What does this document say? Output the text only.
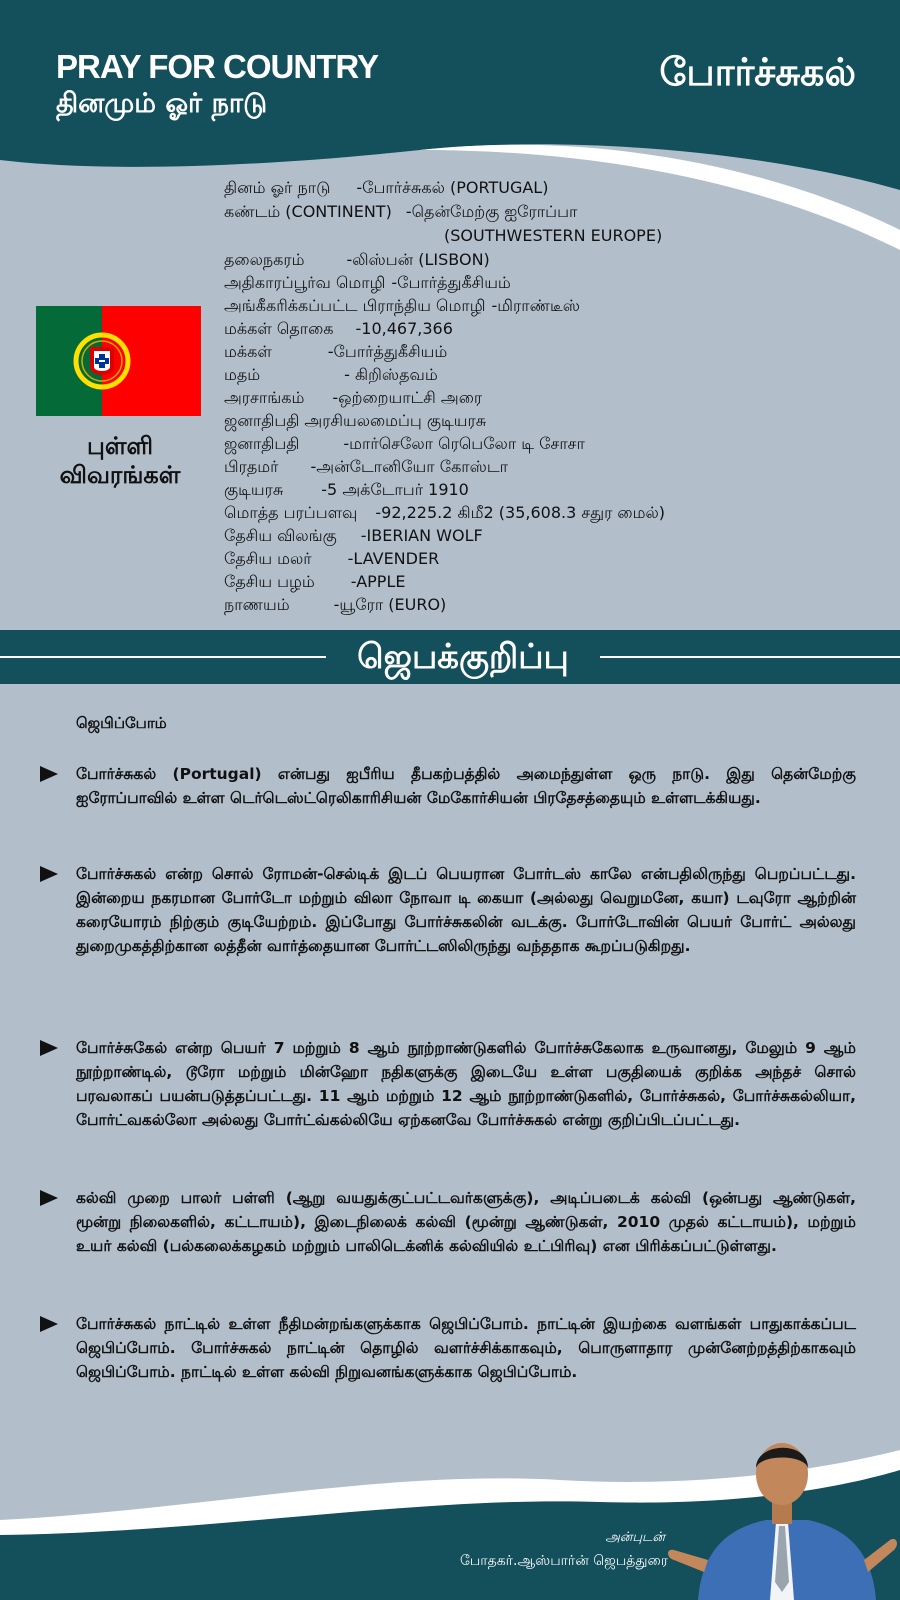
PRAY FOR COUNTRY
தினமும் ஓர் நாடு
போர்ச்சுகல்
புள்ளி
விவரங்கள்
தினம் ஓர் நாடு -போர்ச்சுகல் (PORTUGAL)
கண்டம் (CONTINENT) -தென்மேற்கு ஐரோப்பா
(SOUTHWESTERN EUROPE)
தலைநகரம்	-லிஸ்பன் (LISBON)
அதிகாரப்பூர்வ மொழி -போர்த்துகீசியம்
அங்கீகரிக்கப்பட்ட பிராந்திய மொழி -மிராண்டீஸ்
மக்கள் தொகை -10,467,366
மக்கள்	-போர்த்துகீசியம்
மதம்	- கிறிஸ்தவம்
அரசாங்கம் -ஒற்றையாட்சி அரை
ஜனாதிபதி அரசியலமைப்பு குடியரசு
ஜனாதிபதி	-மார்செலோ ரெபெலோ டி சோசா
பிரதமர் -அன்டோனியோ கோஸ்டா
குடியரசு -5 அக்டோபர் 1910
மொத்த பரப்பளவு -92,225.2 கிமீ2 (35,608.3 சதுர மைல்)
தேசிய விலங்கு -IBERIAN WOLF
தேசிய மலர் -LAVENDER
தேசிய பழம் -APPLE
நாணயம்	-யூரோ (EURO)
ஜெபக்குறிப்பு
ஜெபிப்போம்
போர்ச்சுகல் (Portugal) என்பது ஐபீரிய தீபகற்பத்தில் அமைந்துள்ள ஒரு நாடு. இது தென்மேற்கு ஐரோப்பாவில் உள்ள டெர்டெஸ்ட்ரெலிகாரிசியன் மேகோர்சியன் பிரதேசத்தையும் உள்ளடக்கியது.
போர்ச்சுகல் என்ற சொல் ரோமன்-செல்டிக் இடப் பெயரான போர்டஸ் காலே என்பதிலிருந்து பெறப்பட்டது. இன்றைய நகரமான போர்டோ மற்றும் விலா நோவா டி கையா (அல்லது வெறுமனே, கயா) டவுரோ ஆற்றின் கரையோரம் நிற்கும் குடியேற்றம். இப்போது போர்ச்சுகலின் வடக்கு. போர்டோவின் பெயர் போர்ட் அல்லது துறைமுகத்திற்கான லத்தீன் வார்த்தையான போர்ட்டஸிலிருந்து வந்ததாக கூறப்படுகிறது.
போர்ச்சுகேல் என்ற பெயர் 7 மற்றும் 8 ஆம் நூற்றாண்டுகளில் போர்ச்சுகேலாக உருவானது, மேலும் 9 ஆம் நூற்றாண்டில், டூரோ மற்றும் மின்ஹோ நதிகளுக்கு இடையே உள்ள பகுதியைக் குறிக்க அந்தச் சொல் பரவலாகப் பயன்படுத்தப்பட்டது. 11 ஆம் மற்றும் 12 ஆம் நூற்றாண்டுகளில், போர்ச்சுகல், போர்ச்சுகல்லியா, போர்ட்வகல்லோ அல்லது போர்ட்வ்கல்லியே ஏற்கனவே போர்ச்சுகல் என்று குறிப்பிடப்பட்டது.
கல்வி முறை பாலர் பள்ளி (ஆறு வயதுக்குட்பட்டவர்களுக்கு), அடிப்படைக் கல்வி (ஒன்பது ஆண்டுகள், மூன்று நிலைகளில், கட்டாயம்), இடைநிலைக் கல்வி (மூன்று ஆண்டுகள், 2010 முதல் கட்டாயம்), மற்றும் உயர் கல்வி (பல்கலைக்கழகம் மற்றும் பாலிடெக்னிக் கல்வியில் உட்பிரிவு) என பிரிக்கப்பட்டுள்ளது.
போர்ச்சுகல் நாட்டில் உள்ள நீதிமன்றங்களுக்காக ஜெபிப்போம். நாட்டின் இயற்கை வளங்கள் பாதுகாக்கப்பட ஜெபிப்போம். போர்ச்சுகல் நாட்டின் தொழில் வளர்ச்சிக்காகவும், பொருளாதார முன்னேற்றத்திற்காகவும் ஜெபிப்போம். நாட்டில் உள்ள கல்வி நிறுவனங்களுக்காக ஜெபிப்போம்.
அன்புடன்
போதகர்.ஆஸ்பார்ன் ஜெபத்துரை
